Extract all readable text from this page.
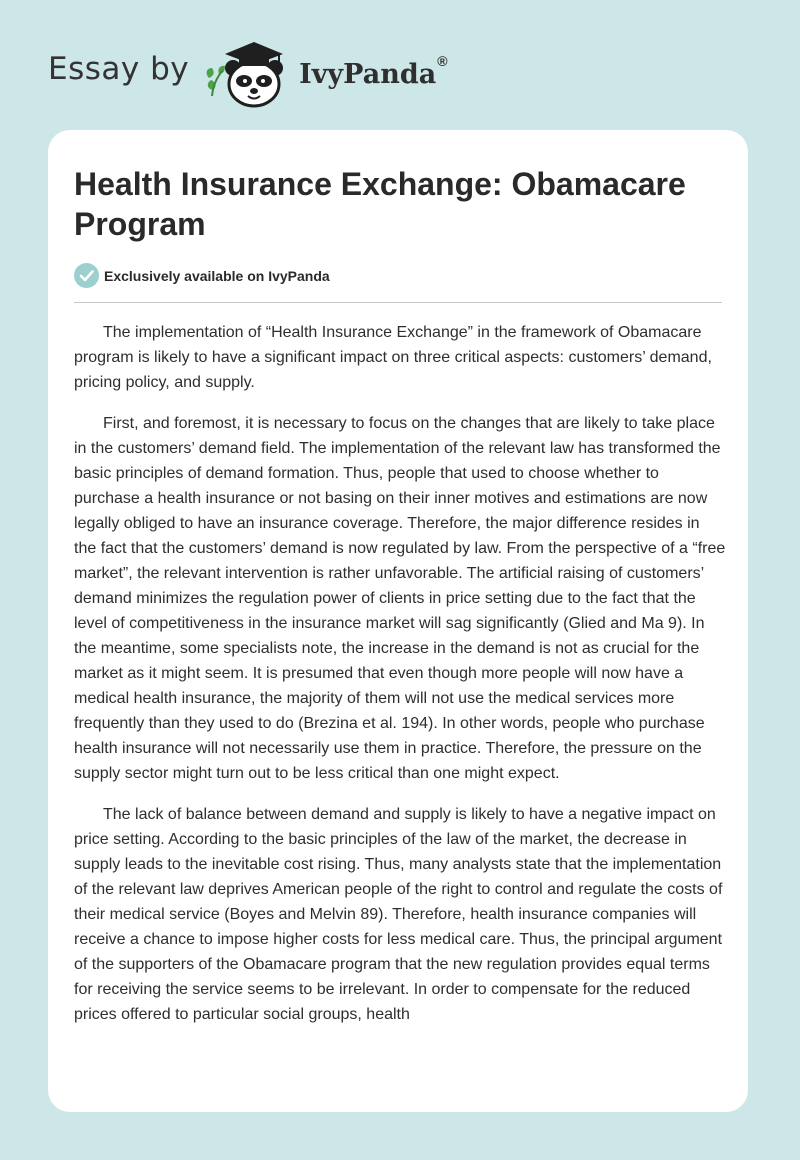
Essay by	IvyPanda®
Health Insurance Exchange: Obamacare Program
Exclusively available on IvyPanda

The implementation of “Health Insurance Exchange” in the framework of Obamacare program is likely to have a significant impact on three critical aspects: customers’ demand, pricing policy, and supply.

First, and foremost, it is necessary to focus on the changes that are likely to take place in the customers’ demand field. The implementation of the relevant law has transformed the basic principles of demand formation. Thus, people that used to choose whether to purchase a health insurance or not basing on their inner motives and estimations are now legally obliged to have an insurance coverage. Therefore, the major difference resides in the fact that the customers’ demand is now regulated by law. From the perspective of a “free market”, the relevant intervention is rather unfavorable. The artificial raising of customers’ demand minimizes the regulation power of clients in price setting due to the fact that the level of competitiveness in the insurance market will sag significantly (Glied and Ma 9). In the meantime, some specialists note, the increase in the demand is not as crucial for the market as it might seem. It is presumed that even though more people will now have a medical health insurance, the majority of them will not use the medical services more frequently than they used to do (Brezina et al. 194). In other words, people who purchase health insurance will not necessarily use them in practice. Therefore, the pressure on the supply sector might turn out to be less critical than one might expect.

The lack of balance between demand and supply is likely to have a negative impact on price setting. According to the basic principles of the law of the market, the decrease in supply leads to the inevitable cost rising. Thus, many analysts state that the implementation of the relevant law deprives American people of the right to control and regulate the costs of their medical service (Boyes and Melvin 89). Therefore, health insurance companies will receive a chance to impose higher costs for less medical care. Thus, the principal argument of the supporters of the Obamacare program that the new regulation provides equal terms for receiving the service seems to be irrelevant. In order to compensate for the reduced prices offered to particular social groups, health
